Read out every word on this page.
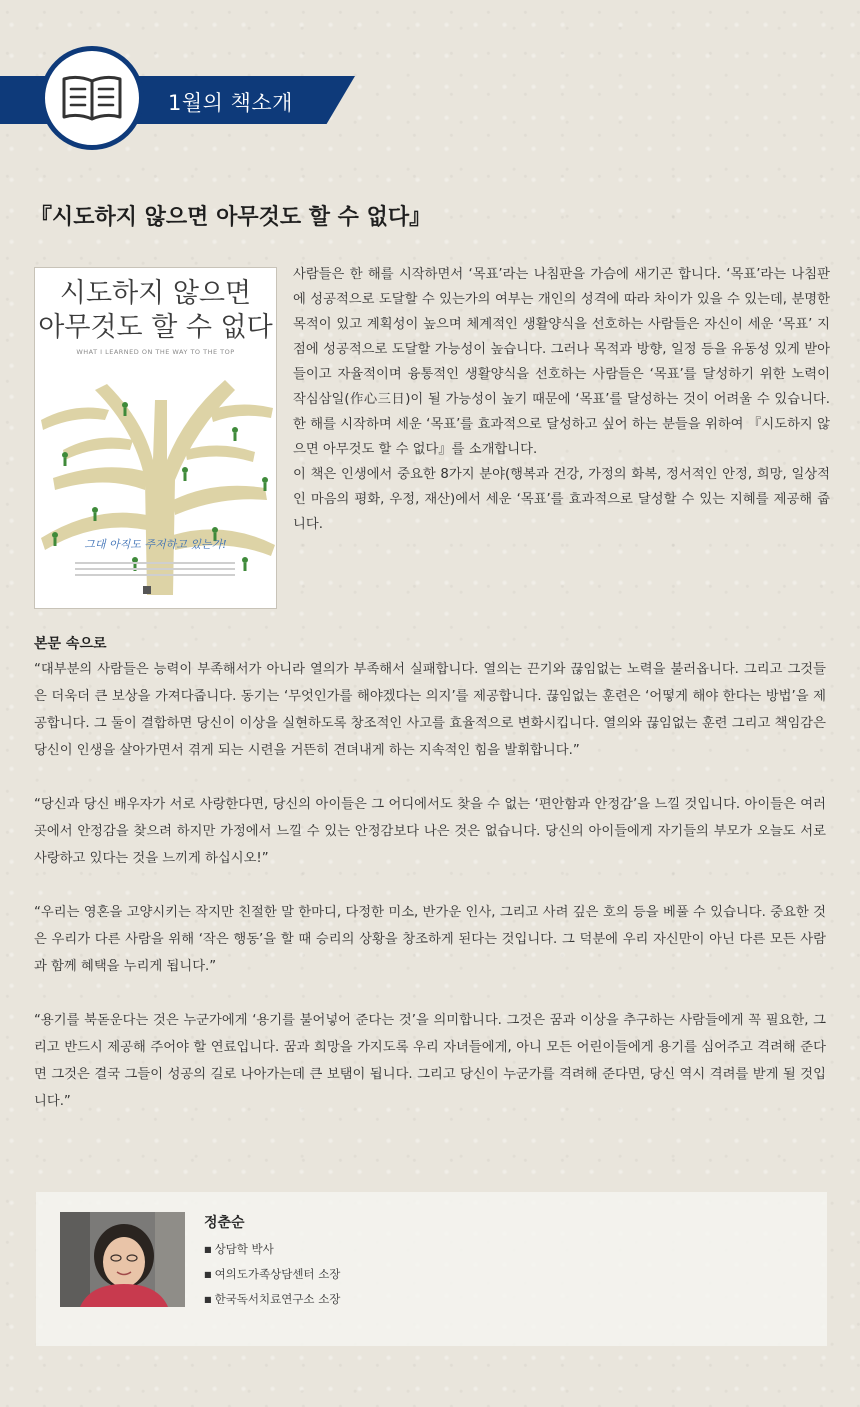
1월의 책소개
『시도하지 않으면 아무것도 할 수 없다』
시도하지 않으면
아무것도 할 수 없다
WHAT I LEARNED ON THE WAY TO THE TOP
그대 아직도 주저하고 있는가!

사람들은 한 해를 시작하면서 ‘목표’라는 나침판을 가슴에 새기곤 합니다. ‘목표’라는 나침판에 성공적으로 도달할 수 있는가의 여부는 개인의 성격에 따라 차이가 있을 수 있는데, 분명한 목적이 있고 계획성이 높으며 체계적인 생활양식을 선호하는 사람들은 자신이 세운 ‘목표’ 지점에 성공적으로 도달할 가능성이 높습니다. 그러나 목적과 방향, 일정 등을 유동성 있게 받아들이고 자율적이며 융통적인 생활양식을 선호하는 사람들은 ‘목표’를 달성하기 위한 노력이 작심삼일(作心三日)이 될 가능성이 높기 때문에 ‘목표’를 달성하는 것이 어려울 수 있습니다. 한 해를 시작하며 세운 ‘목표’를 효과적으로 달성하고 싶어 하는 분들을 위하여 『시도하지 않으면 아무것도 할 수 없다』를 소개합니다.

이 책은 인생에서 중요한 8가지 분야(행복과 건강, 가정의 화복, 정서적인 안정, 희망, 일상적인 마음의 평화, 우정, 재산)에서 세운 ‘목표’를 효과적으로 달성할 수 있는 지혜를 제공해 줍니다.

본문 속으로

“대부분의 사람들은 능력이 부족해서가 아니라 열의가 부족해서 실패합니다. 열의는 끈기와 끊임없는 노력을 불러옵니다. 그리고 그것들은 더욱더 큰 보상을 가져다줍니다. 동기는 ‘무엇인가를 해야겠다는 의지’를 제공합니다. 끊임없는 훈련은 ‘어떻게 해야 한다는 방법’을 제공합니다. 그 둘이 결합하면 당신이 이상을 실현하도록 창조적인 사고를 효율적으로 변화시킵니다. 열의와 끊임없는 훈련 그리고 책임감은 당신이 인생을 살아가면서 겪게 되는 시련을 거뜬히 견뎌내게 하는 지속적인 힘을 발휘합니다.”

“당신과 당신 배우자가 서로 사랑한다면, 당신의 아이들은 그 어디에서도 찾을 수 없는 ‘편안함과 안정감’을 느낄 것입니다. 아이들은 여러 곳에서 안정감을 찾으려 하지만 가정에서 느낄 수 있는 안정감보다 나은 것은 없습니다. 당신의 아이들에게 자기들의 부모가 오늘도 서로 사랑하고 있다는 것을 느끼게 하십시오!”

“우리는 영혼을 고양시키는 작지만 친절한 말 한마디, 다정한 미소, 반가운 인사, 그리고 사려 깊은 호의 등을 베풀 수 있습니다. 중요한 것은 우리가 다른 사람을 위해 ‘작은 행동’을 할 때 승리의 상황을 창조하게 된다는 것입니다. 그 덕분에 우리 자신만이 아닌 다른 모든 사람과 함께 혜택을 누리게 됩니다.”

“용기를 북돋운다는 것은 누군가에게 ‘용기를 불어넣어 준다는 것’을 의미합니다. 그것은 꿈과 이상을 추구하는 사람들에게 꼭 필요한, 그리고 반드시 제공해 주어야 할 연료입니다. 꿈과 희망을 가지도록 우리 자녀들에게, 아니 모든 어린이들에게 용기를 심어주고 격려해 준다면 그것은 결국 그들이 성공의 길로 나아가는데 큰 보탬이 됩니다. 그리고 당신이 누군가를 격려해 준다면, 당신 역시 격려를 받게 될 것입니다.”

정춘순
■ 상담학 박사
■ 여의도가족상담센터 소장
■ 한국독서치료연구소 소장
